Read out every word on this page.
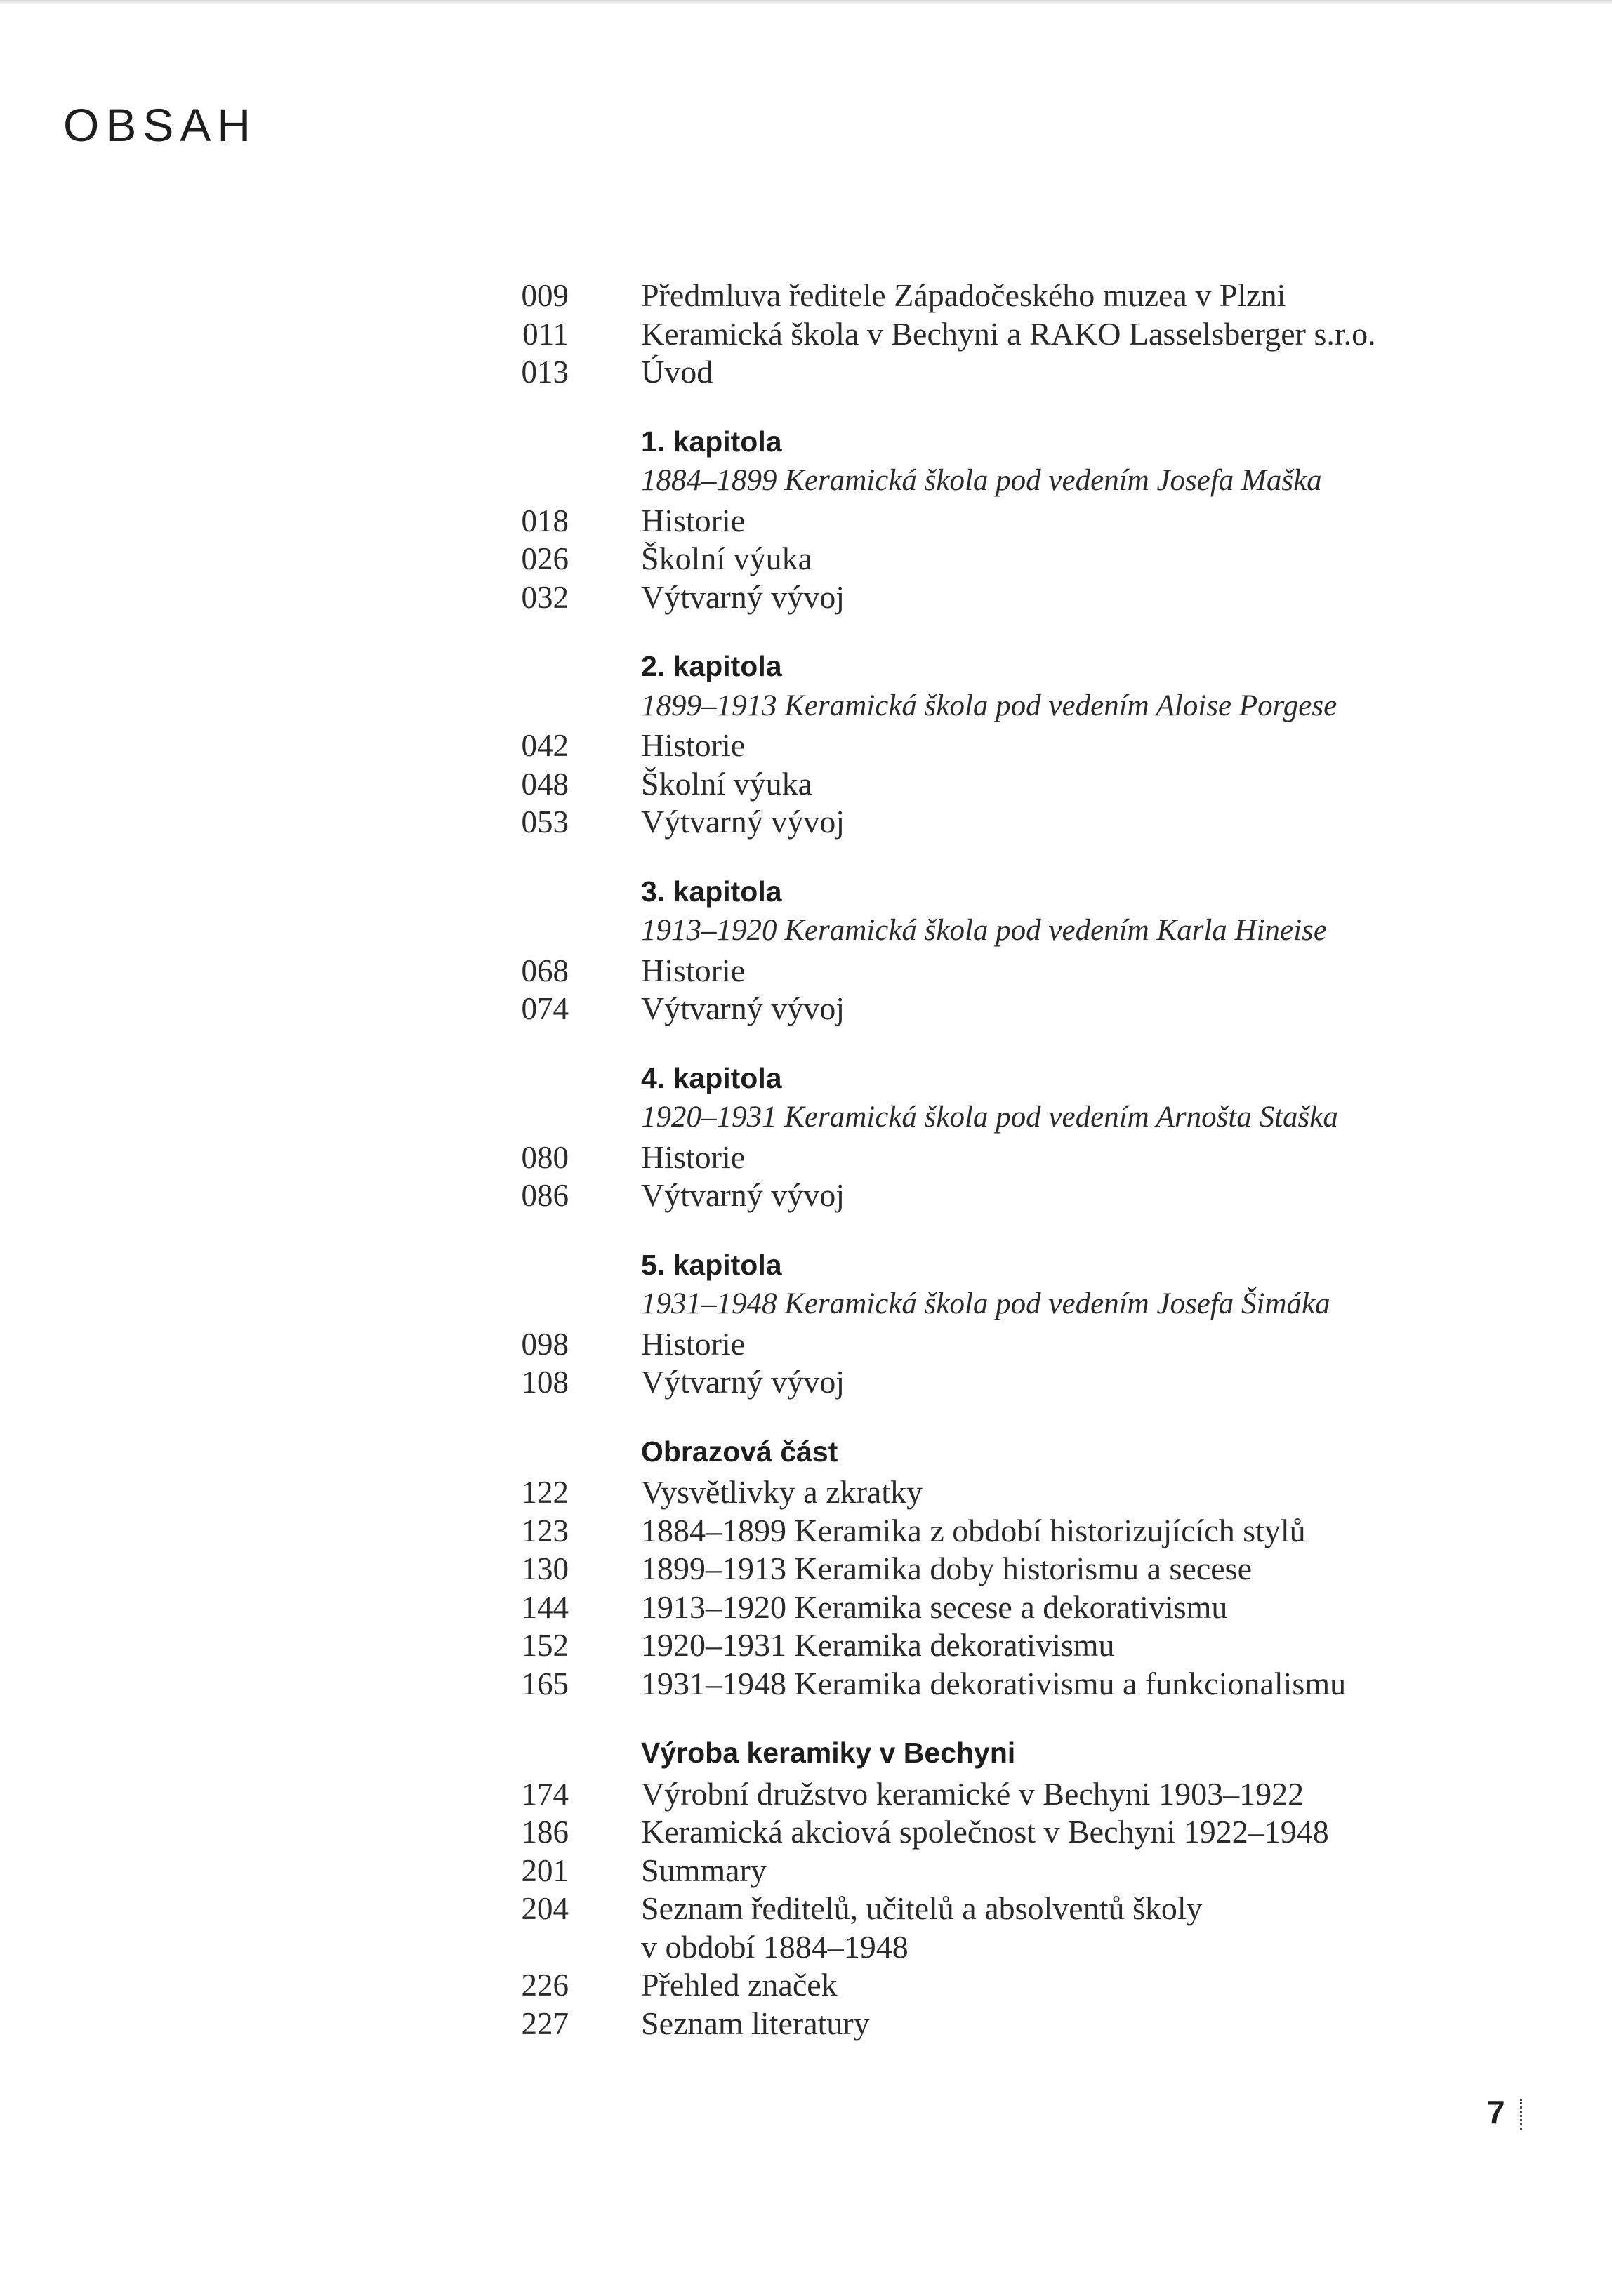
OBSAH
009 Předmluva ředitele Západočeského muzea v Plzni
011 Keramická škola v Bechyni a RAKO Lasselsberger s.r.o.
013 Úvod
1. kapitola
1884–1899 Keramická škola pod vedením Josefa Maška
018 Historie
026 Školní výuka
032 Výtvarný vývoj
2. kapitola
1899–1913 Keramická škola pod vedením Aloise Porgese
042 Historie
048 Školní výuka
053 Výtvarný vývoj
3. kapitola
1913–1920 Keramická škola pod vedením Karla Hineise
068 Historie
074 Výtvarný vývoj
4. kapitola
1920–1931 Keramická škola pod vedením Arnošta Staška
080 Historie
086 Výtvarný vývoj
5. kapitola
1931–1948 Keramická škola pod vedením Josefa Šimáka
098 Historie
108 Výtvarný vývoj
Obrazová část
122 Vysvětlivky a zkratky
123 1884–1899 Keramika z období historizujících stylů
130 1899–1913 Keramika doby historismu a secese
144 1913–1920 Keramika secese a dekorativismu
152 1920–1931 Keramika dekorativismu
165 1931–1948 Keramika dekorativismu a funkcionalismu
Výroba keramiky v Bechyni
174 Výrobní družstvo keramické v Bechyni 1903–1922
186 Keramická akciová společnost v Bechyni 1922–1948
201 Summary
204 Seznam ředitelů, učitelů a absolventů školy
v období 1884–1948
226 Přehled značek
227 Seznam literatury
7
